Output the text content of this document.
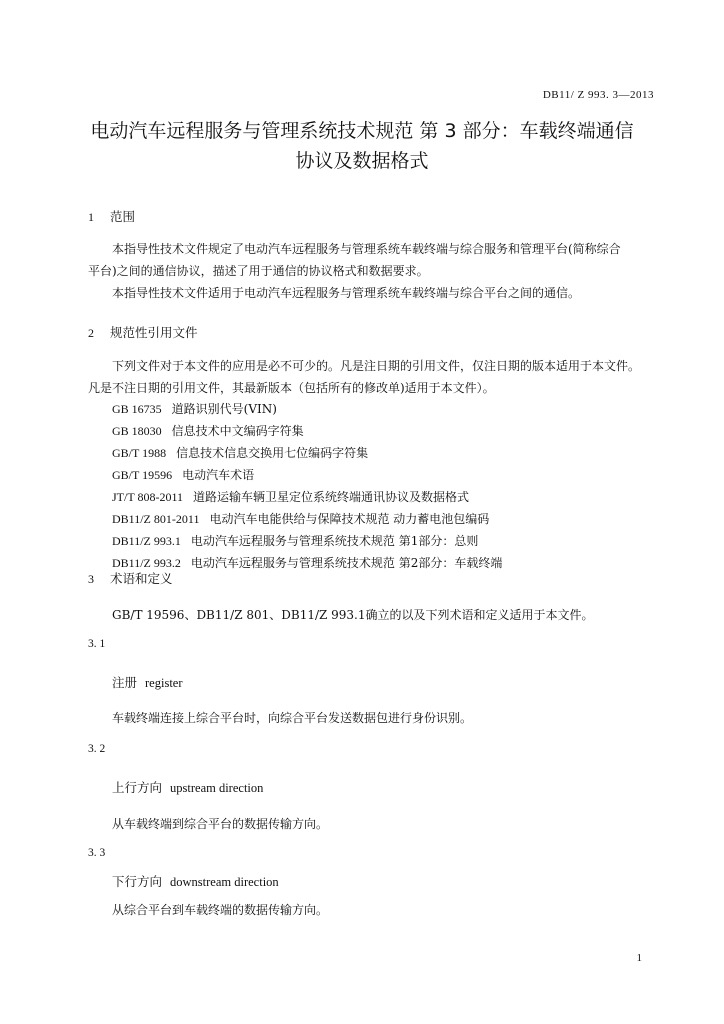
DB11/ Z 993. 3—2013
电动汽车远程服务与管理系统技术规范 第 3 部分：车载终端通信
协议及数据格式
1 范围
本指导性技术文件规定了电动汽车远程服务与管理系统车载终端与综合服务和管理平台(简称综合
平台)之间的通信协议，描述了用于通信的协议格式和数据要求。
本指导性技术文件适用于电动汽车远程服务与管理系统车载终端与综合平台之间的通信。
2 规范性引用文件
下列文件对于本文件的应用是必不可少的。凡是注日期的引用文件，仅注日期的版本适用于本文件。
凡是不注日期的引用文件，其最新版本（包括所有的修改单)适用于本文件）。
GB 16735 道路识别代号(VIN)
GB 18030 信息技术中文编码字符集
GB/T 1988 信息技术信息交换用七位编码字符集
GB/T 19596 电动汽车术语
JT/T 808-2011 道路运输车辆卫星定位系统终端通讯协议及数据格式
DB11/Z 801-2011 电动汽车电能供给与保障技术规范 动力蓄电池包编码
DB11/Z 993.1 电动汽车远程服务与管理系统技术规范 第1部分：总则
DB11/Z 993.2 电动汽车远程服务与管理系统技术规范 第2部分：车载终端
3 术语和定义
GB/T 19596、DB11/Z 801、DB11/Z 993.1确立的以及下列术语和定义适用于本文件。
3. 1
注册 register
车载终端连接上综合平台时，向综合平台发送数据包进行身份识别。
3. 2
上行方向 upstream direction
从车载终端到综合平台的数据传输方向。
3. 3
下行方向 downstream direction
从综合平台到车载终端的数据传输方向。
1
